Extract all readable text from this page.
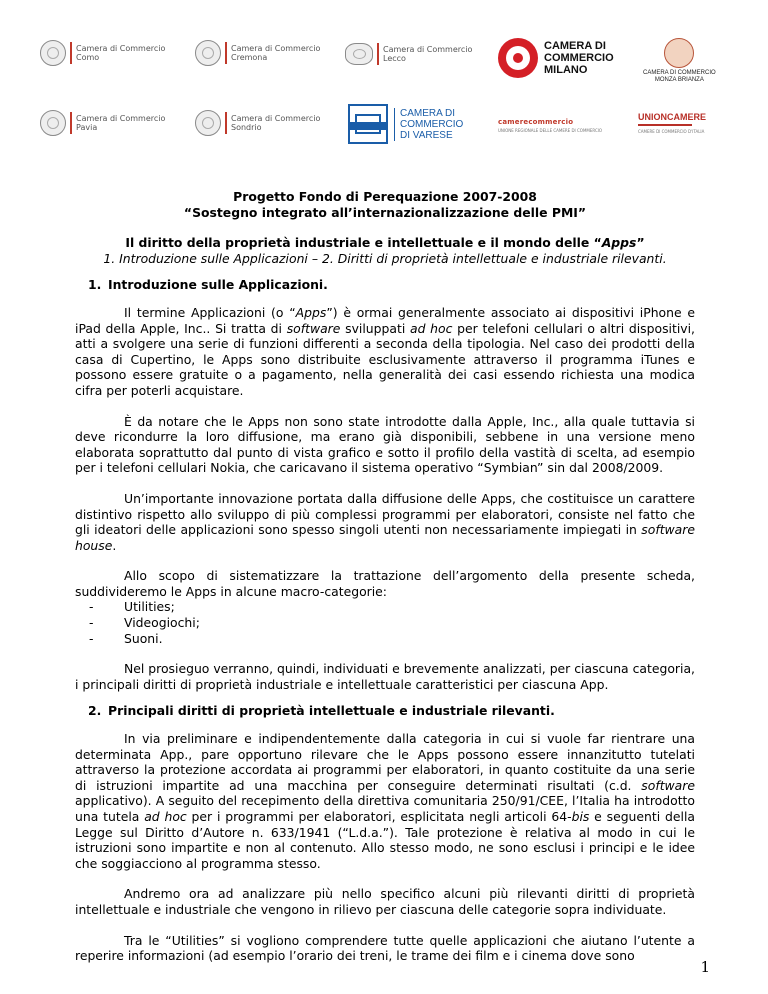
Camera di Commercio
Como
Camera di Commercio
Cremona
Camera di Commercio
Lecco
CAMERA DI
COMMERCIO
MILANO	CAMERA DI COMMERCIO
MONZA BRIANZA
Camera di Commercio
Pavia
Camera di Commercio
Sondrio
CAMERA DI
COMMERCIO
DI VARESE
camerecommercio
UNIONE REGIONALE DELLE CAMERE DI COMMERCIO
UNIONCAMERE
CAMERE DI COMMERCIO D'ITALIA
Progetto Fondo di Perequazione 2007-2008
“Sostegno integrato all’internazionalizzazione delle PMI”
Il diritto della proprietà industriale e intellettuale e il mondo delle “Apps”
1. Introduzione sulle Applicazioni – 2. Diritti di proprietà intellettuale e industriale rilevanti.
1. Introduzione sulle Applicazioni.

Il termine Applicazioni (o “Apps”) è ormai generalmente associato ai dispositivi iPhone e iPad della Apple, Inc.. Si tratta di software sviluppati ad hoc per telefoni cellulari o altri dispositivi, atti a svolgere una serie di funzioni differenti a seconda della tipologia. Nel caso dei prodotti della casa di Cupertino, le Apps sono distribuite esclusivamente attraverso il programma iTunes e possono essere gratuite o a pagamento, nella generalità dei casi essendo richiesta una modica cifra per poterli acquistare.

È da notare che le Apps non sono state introdotte dalla Apple, Inc., alla quale tuttavia si deve ricondurre la loro diffusione, ma erano già disponibili, sebbene in una versione meno elaborata soprattutto dal punto di vista grafico e sotto il profilo della vastità di scelta, ad esempio per i telefoni cellulari Nokia, che caricavano il sistema operativo “Symbian” sin dal 2008/2009.

Un’importante innovazione portata dalla diffusione delle Apps, che costituisce un carattere distintivo rispetto allo sviluppo di più complessi programmi per elaboratori, consiste nel fatto che gli ideatori delle applicazioni sono spesso singoli utenti non necessariamente impiegati in software house.

Allo scopo di sistematizzare la trattazione dell’argomento della presente scheda, suddivideremo le Apps in alcune macro-categorie:

- Utilities;
- Videogiochi;
- Suoni.

Nel prosieguo verranno, quindi, individuati e brevemente analizzati, per ciascuna categoria, i principali diritti di proprietà industriale e intellettuale caratteristici per ciascuna App.

2. Principali diritti di proprietà intellettuale e industriale rilevanti.

In via preliminare e indipendentemente dalla categoria in cui si vuole far rientrare una determinata App., pare opportuno rilevare che le Apps possono essere innanzitutto tutelati attraverso la protezione accordata ai programmi per elaboratori, in quanto costituite da una serie di istruzioni impartite ad una macchina per conseguire determinati risultati (c.d. software applicativo). A seguito del recepimento della direttiva comunitaria 250/91/CEE, l’Italia ha introdotto una tutela ad hoc per i programmi per elaboratori, esplicitata negli articoli 64-bis e seguenti della Legge sul Diritto d’Autore n. 633/1941 (“L.d.a.”). Tale protezione è relativa al modo in cui le istruzioni sono impartite e non al contenuto. Allo stesso modo, ne sono esclusi i principi e le idee che soggiacciono al programma stesso.

Andremo ora ad analizzare più nello specifico alcuni più rilevanti diritti di proprietà intellettuale e industriale che vengono in rilievo per ciascuna delle categorie sopra individuate.

Tra le “Utilities” si vogliono comprendere tutte quelle applicazioni che aiutano l’utente a reperire informazioni (ad esempio l’orario dei treni, le trame dei film e i cinema dove sono

1
